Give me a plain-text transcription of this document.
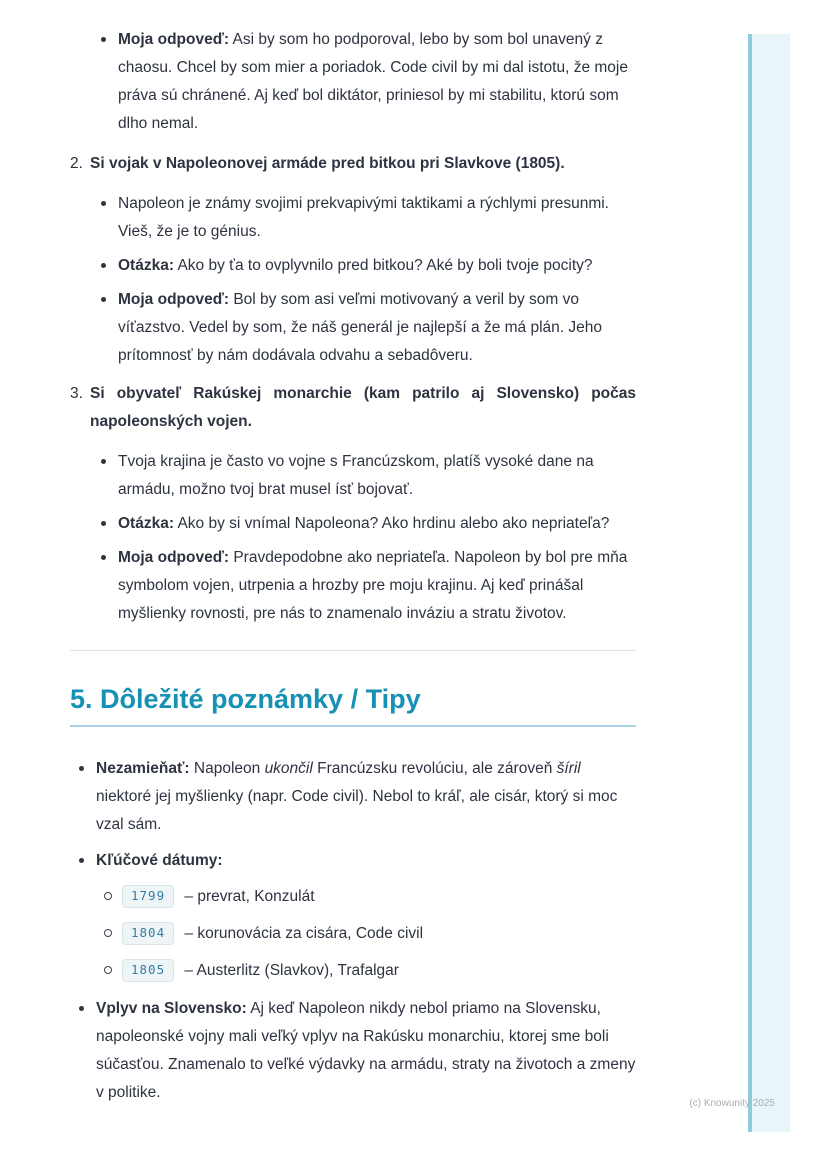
Moja odpoveď: Asi by som ho podporoval, lebo by som bol unavený z chaosu. Chcel by som mier a poriadok. Code civil by mi dal istotu, že moje práva sú chránené. Aj keď bol diktátor, priniesol by mi stabilitu, ktorú som dlho nemal.
2. Si vojak v Napoleonovej armáde pred bitkou pri Slavkove (1805).
Napoleon je známy svojimi prekvapivými taktikami a rýchlymi presunmi. Vieš, že je to génius.
Otázka: Ako by ťa to ovplyvnilo pred bitkou? Aké by boli tvoje pocity?
Moja odpoveď: Bol by som asi veľmi motivovaný a veril by som vo víťazstvo. Vedel by som, že náš generál je najlepší a že má plán. Jeho prítomnosť by nám dodávala odvahu a sebadôveru.
3. Si obyvateľ Rakúskej monarchie (kam patrilo aj Slovensko) počas napoleonských vojen.
Tvoja krajina je často vo vojne s Francúzskom, platíš vysoké dane na armádu, možno tvoj brat musel ísť bojovať.
Otázka: Ako by si vnímal Napoleona? Ako hrdinu alebo ako nepriateľa?
Moja odpoveď: Pravdepodobne ako nepriateľa. Napoleon by bol pre mňa symbolom vojen, utrpenia a hrozby pre moju krajinu. Aj keď prinášal myšlienky rovnosti, pre nás to znamenalo inváziu a stratu životov.
5. Dôležité poznámky / Tipy
Nezamieňať: Napoleon ukončil Francúzsku revolúciu, ale zároveň šíril niektoré jej myšlienky (napr. Code civil). Nebol to kráľ, ale cisár, ktorý si moc vzal sám.
Kľúčové dátumy:
1799 – prevrat, Konzulát
1804 – korunovácia za cisára, Code civil
1805 – Austerlitz (Slavkov), Trafalgar
Vplyv na Slovensko: Aj keď Napoleon nikdy nebol priamo na Slovensku, napoleonské vojny mali veľký vplyv na Rakúsku monarchiu, ktorej sme boli súčasťou. Znamenalo to veľké výdavky na armádu, straty na životoch a zmeny v politike.
(c) Knowunity 2025
